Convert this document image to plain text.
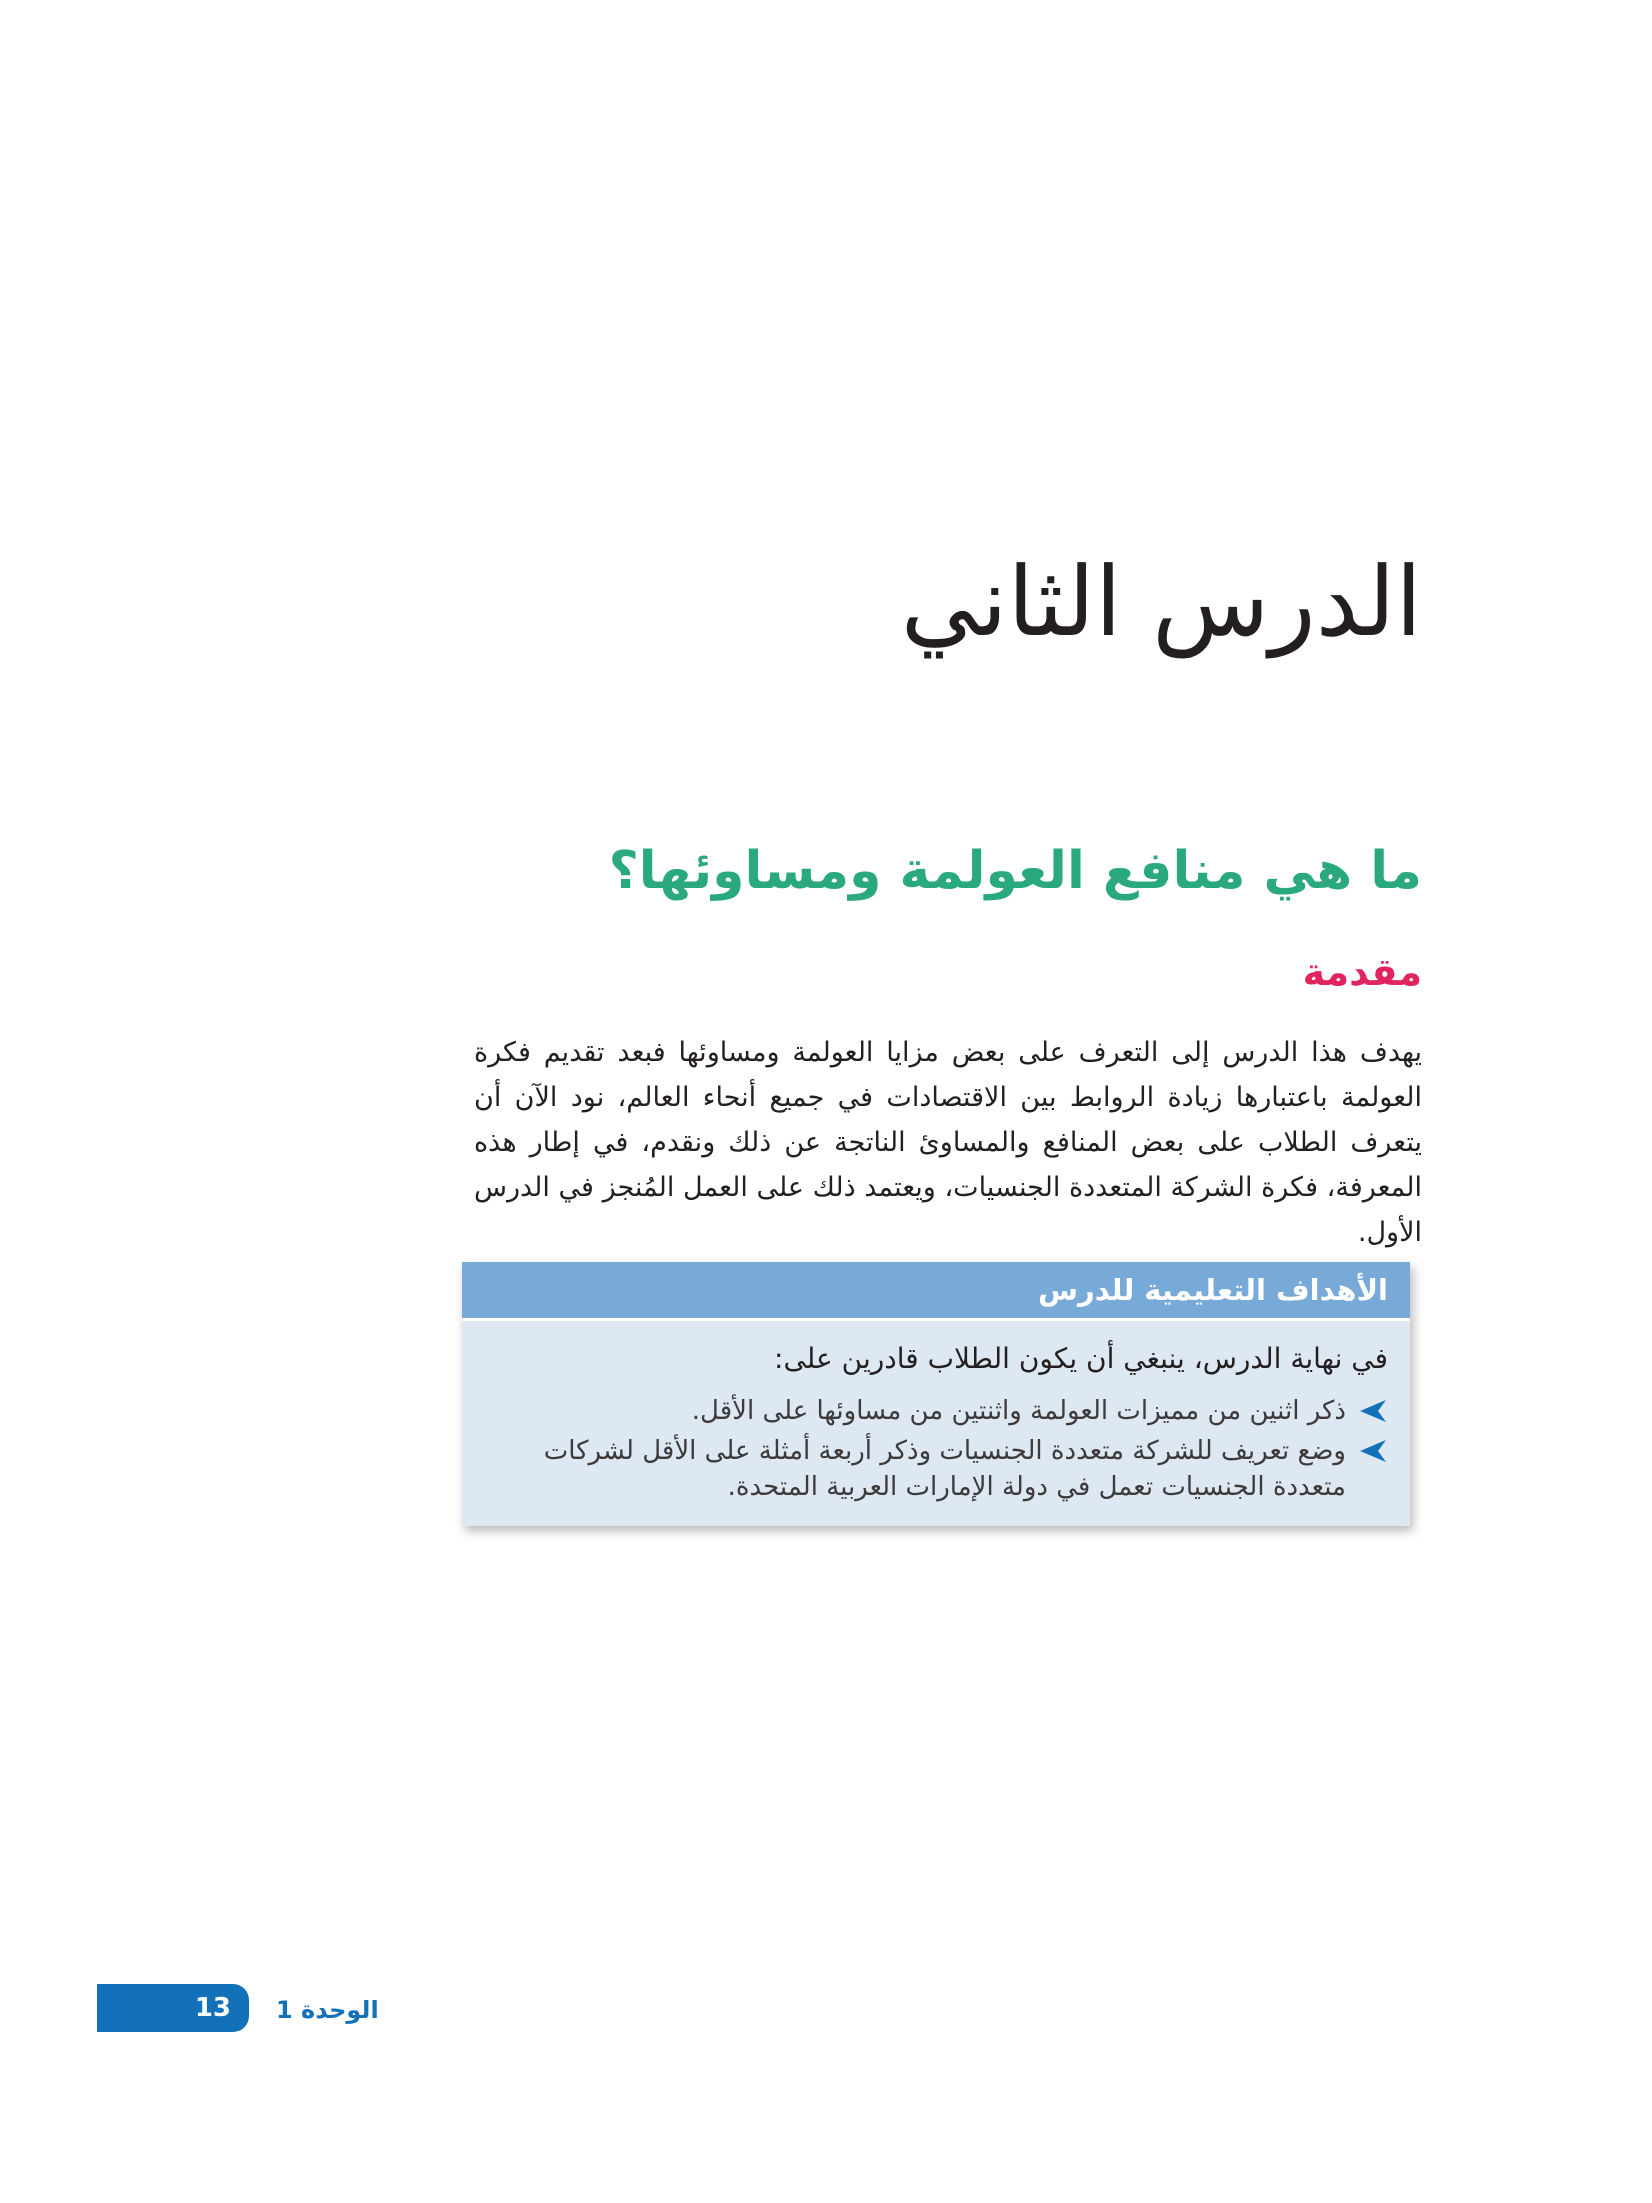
الدرس الثاني
ما هي منافع العولمة ومساوئها؟
مقدمة

يهدف هذا الدرس إلى التعرف على بعض مزايا العولمة ومساوئها فبعد تقديم فكرة العولمة باعتبارها زيادة الروابط بين الاقتصادات في جميع أنحاء العالم، نود الآن أن يتعرف الطلاب على بعض المنافع والمساوئ الناتجة عن ذلك ونقدم، في إطار هذه المعرفة، فكرة الشركة المتعددة الجنسيات، ويعتمد ذلك على العمل المُنجز في الدرس الأول.

الأهداف التعليمية للدرس
في نهاية الدرس، ينبغي أن يكون الطلاب قادرين على:
ذكر اثنين من مميزات العولمة واثنتين من مساوئها على الأقل.
وضع تعريف للشركة متعددة الجنسيات وذكر أربعة أمثلة على الأقل لشركات متعددة الجنسيات تعمل في دولة الإمارات العربية المتحدة.
13 الوحدة 1
